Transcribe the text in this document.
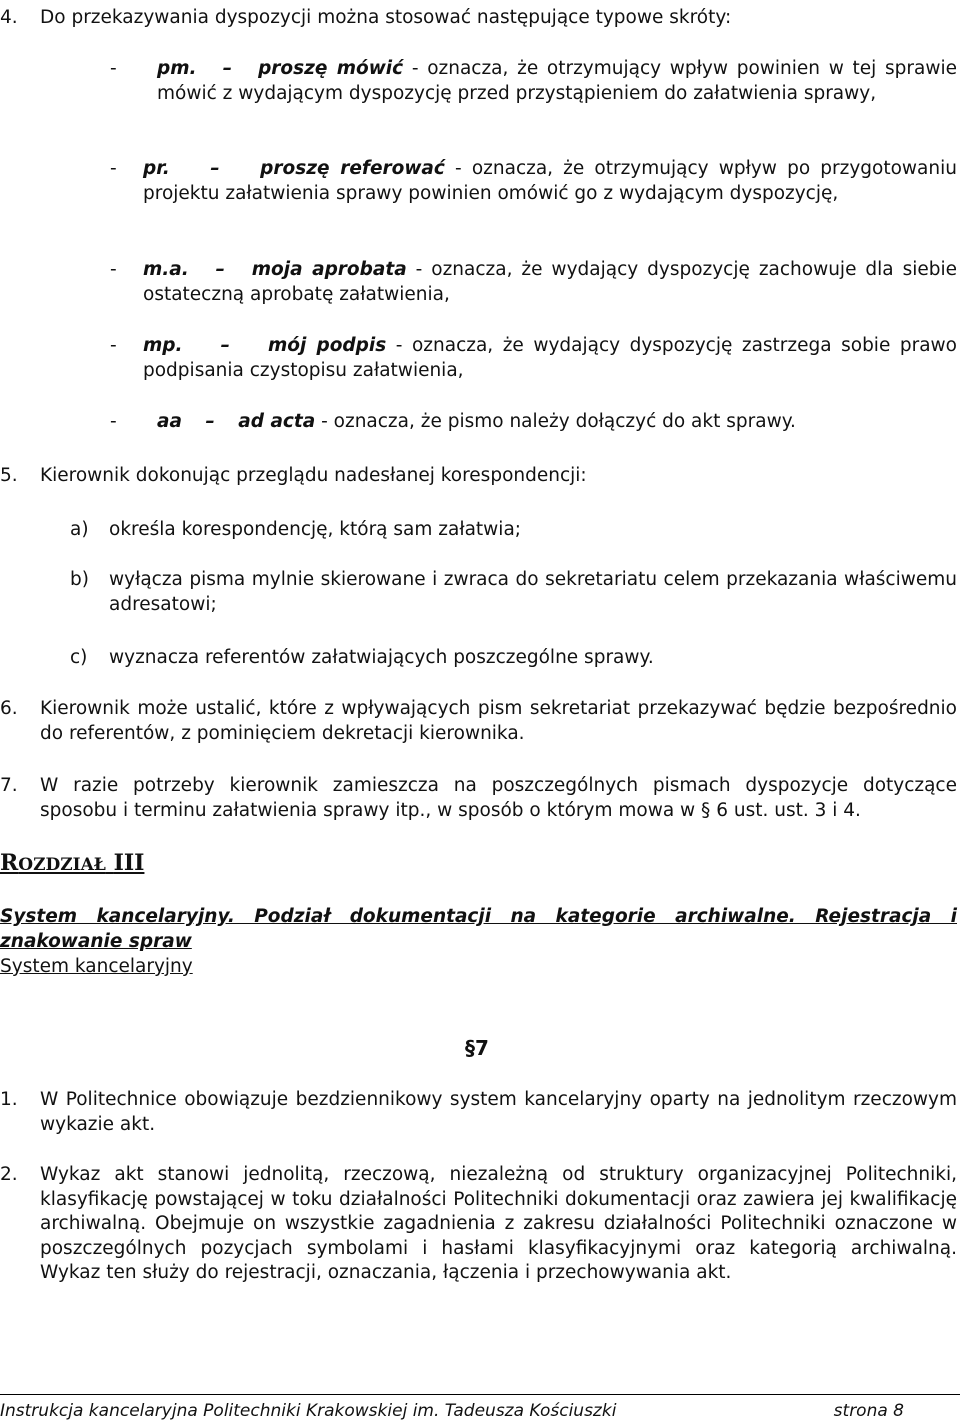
4. Do przekazywania dyspozycji można stosować następujące typowe skróty:

- pm. – proszę mówić - oznacza, że otrzymujący wpływ powinien w tej sprawie mówić z wydającym dyspozycję przed przystąpieniem do załatwienia sprawy,

- pr. – proszę referować - oznacza, że otrzymujący wpływ po przygotowaniu projektu załatwienia sprawy powinien omówić go z wydającym dyspozycję,

- m.a. – moja aprobata - oznacza, że wydający dyspozycję zachowuje dla siebie ostateczną aprobatę załatwienia,

- mp. – mój podpis - oznacza, że wydający dyspozycję zastrzega sobie prawo podpisania czystopisu załatwienia,

- aa – ad acta - oznacza, że pismo należy dołączyć do akt sprawy.

5. Kierownik dokonując przeglądu nadesłanej korespondencji:

a) określa korespondencję, którą sam załatwia;

b) wyłącza pisma mylnie skierowane i zwraca do sekretariatu celem przekazania właściwemu adresatowi;

c) wyznacza referentów załatwiających poszczególne sprawy.

6. Kierownik może ustalić, które z wpływających pism sekretariat przekazywać będzie bezpośrednio do referentów, z pominięciem dekretacji kierownika.

7. W razie potrzeby kierownik zamieszcza na poszczególnych pismach dyspozycje dotyczące sposobu i terminu załatwienia sprawy itp., w sposób o którym mowa w § 6 ust. ust. 3 i 4.

ROZDZIAŁ III

System kancelaryjny. Podział dokumentacji na kategorie archiwalne. Rejestracja i znakowanie spraw

System kancelaryjny

§7

1. W Politechnice obowiązuje bezdziennikowy system kancelaryjny oparty na jednolitym rzeczowym wykazie akt.

2. Wykaz akt stanowi jednolitą, rzeczową, niezależną od struktury organizacyjnej Politechniki, klasyfikację powstającej w toku działalności Politechniki dokumentacji oraz zawiera jej kwalifikację archiwalną. Obejmuje on wszystkie zagadnienia z zakresu działalności Politechniki oznaczone w poszczególnych pozycjach symbolami i hasłami klasyfikacyjnymi oraz kategorią archiwalną. Wykaz ten służy do rejestracji, oznaczania, łączenia i przechowywania akt.

Instrukcja kancelaryjna Politechniki Krakowskiej im. Tadeusza Kościuszki	strona 8
